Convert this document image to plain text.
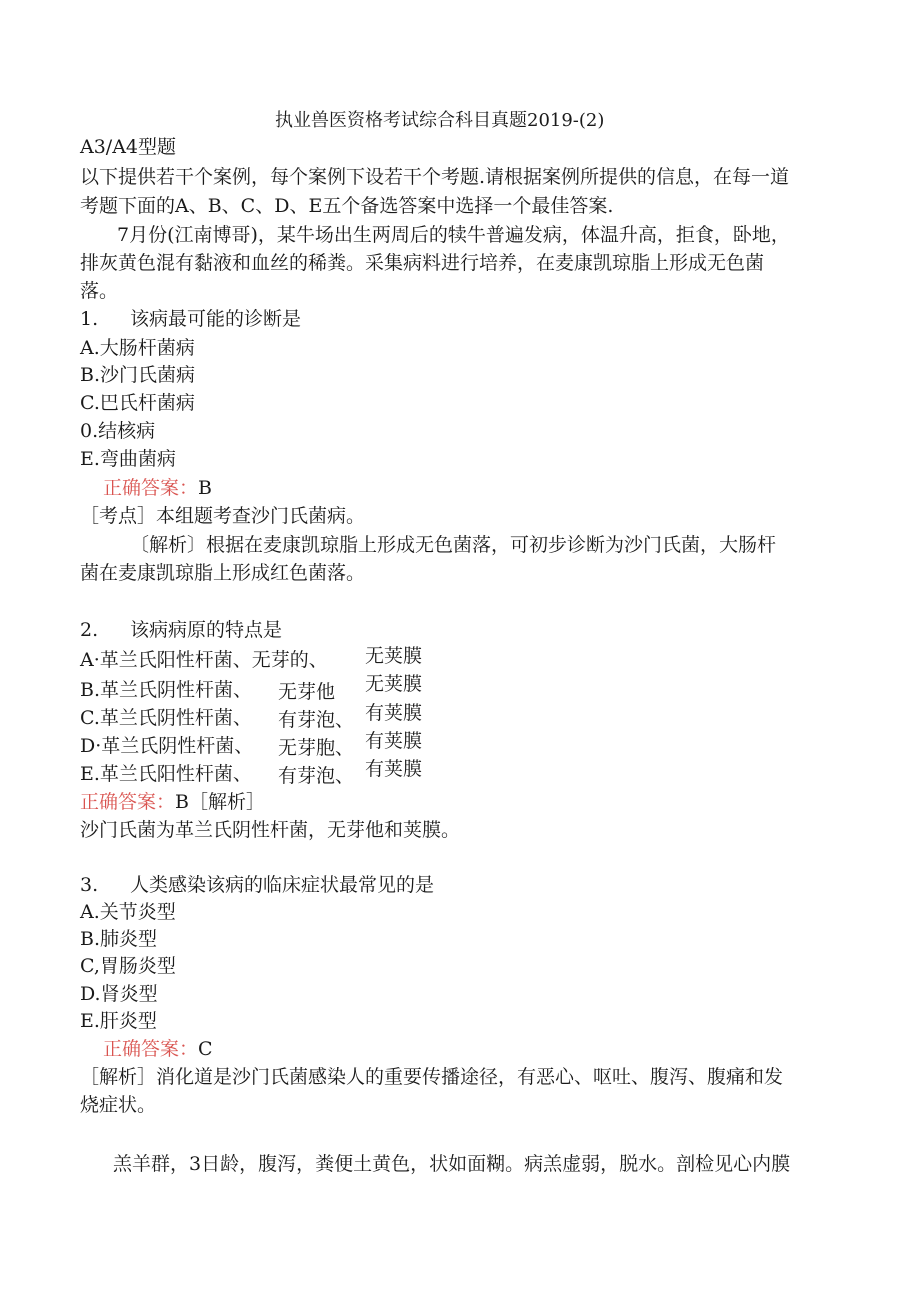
执业兽医资格考试综合科目真题2019-(2)
A3/A4型题
以下提供若干个案例，每个案例下设若干个考题.请根据案例所提供的信息，在每一道
考题下面的A、B、C、D、E五个备选答案中选择一个最佳答案.
7月份(江南博哥)，某牛场出生两周后的犊牛普遍发病，体温升高，拒食，卧地，
排灰黄色混有黏液和血丝的稀粪。采集病料进行培养，在麦康凯琼脂上形成无色菌
落。
1. 该病最可能的诊断是
A.大肠杆菌病
B.沙门氏菌病
C.巴氏杆菌病
0.结核病
E.弯曲菌病
正确答案：B
［考点］本组题考查沙门氏菌病。
〔解析〕根据在麦康凯琼脂上形成无色菌落，可初步诊断为沙门氏菌，大肠杆
菌在麦康凯琼脂上形成红色菌落。
2. 该病病原的特点是
A·革兰氏阳性杆菌、无芽的、 无荚膜
B.革兰氏阴性杆菌、 无芽他 无荚膜
C.革兰氏阴性杆菌、 有芽泡、 有荚膜
D·革兰氏阴性杆菌、 无芽胞、 有荚膜
E.革兰氏阳性杆菌、 有芽泡、 有荚膜
正确答案：B［解析］
沙门氏菌为革兰氏阴性杆菌，无芽他和荚膜。
3. 人类感染该病的临床症状最常见的是
A.关节炎型
B.肺炎型
C,胃肠炎型
D.肾炎型
E.肝炎型
正确答案：C
［解析］消化道是沙门氏菌感染人的重要传播途径，有恶心、呕吐、腹泻、腹痛和发
烧症状。
羔羊群，3日龄，腹泻，粪便土黄色，状如面糊。病羔虚弱，脱水。剖检见心内膜
